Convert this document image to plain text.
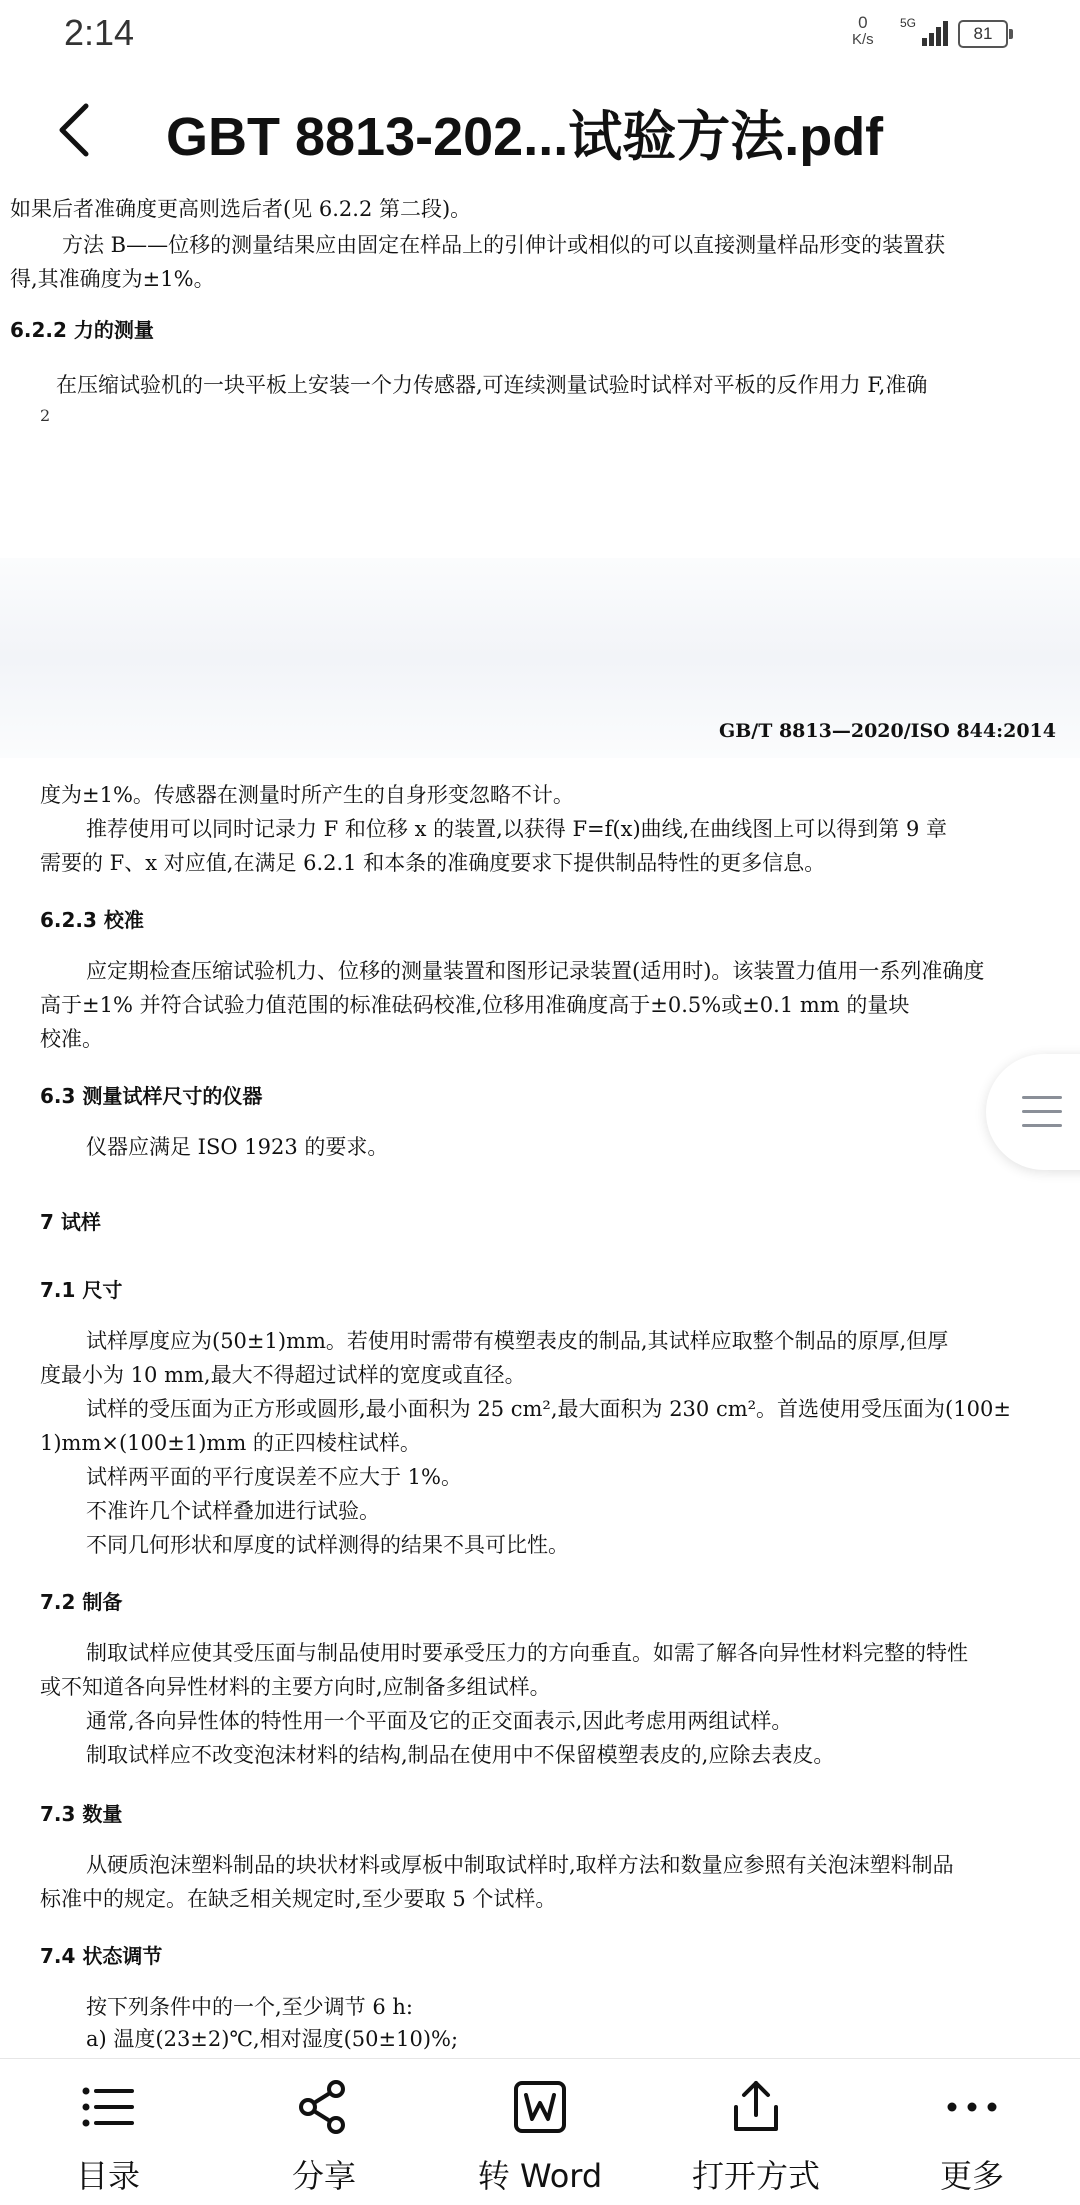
2:14	0
K/s
5G
81
GBT 8813-202...试验方法.pdf
如果后者准确度更高则选后者(见 6.2.2 第二段)。
方法 B——位移的测量结果应由固定在样品上的引伸计或相似的可以直接测量样品形变的装置获
得,其准确度为±1%。
6.2.2 力的测量
在压缩试验机的一块平板上安装一个力传感器,可连续测量试验时试样对平板的反作用力 F,准确
2
GB/T 8813—2020/ISO 844:2014
度为±1%。传感器在测量时所产生的自身形变忽略不计。
推荐使用可以同时记录力 F 和位移 x 的装置,以获得 F=f(x)曲线,在曲线图上可以得到第 9 章
需要的 F、x 对应值,在满足 6.2.1 和本条的准确度要求下提供制品特性的更多信息。
6.2.3 校准
应定期检查压缩试验机力、位移的测量装置和图形记录装置(适用时)。该装置力值用一系列准确度
高于±1% 并符合试验力值范围的标准砝码校准,位移用准确度高于±0.5%或±0.1 mm 的量块
校准。
6.3 测量试样尺寸的仪器
仪器应满足 ISO 1923 的要求。
7 试样
7.1 尺寸
试样厚度应为(50±1)mm。若使用时需带有模塑表皮的制品,其试样应取整个制品的原厚,但厚
度最小为 10 mm,最大不得超过试样的宽度或直径。
试样的受压面为正方形或圆形,最小面积为 25 cm²,最大面积为 230 cm²。首选使用受压面为(100±
1)mm×(100±1)mm 的正四棱柱试样。
试样两平面的平行度误差不应大于 1%。
不准许几个试样叠加进行试验。
不同几何形状和厚度的试样测得的结果不具可比性。
7.2 制备
制取试样应使其受压面与制品使用时要承受压力的方向垂直。如需了解各向异性材料完整的特性
或不知道各向异性材料的主要方向时,应制备多组试样。
通常,各向异性体的特性用一个平面及它的正交面表示,因此考虑用两组试样。
制取试样应不改变泡沫材料的结构,制品在使用中不保留模塑表皮的,应除去表皮。
7.3 数量
从硬质泡沫塑料制品的块状材料或厚板中制取试样时,取样方法和数量应参照有关泡沫塑料制品
标准中的规定。在缺乏相关规定时,至少要取 5 个试样。
7.4 状态调节
按下列条件中的一个,至少调节 6 h:
a) 温度(23±2)℃,相对湿度(50±10)%;
目录	分享	转 Word	打开方式	更多
